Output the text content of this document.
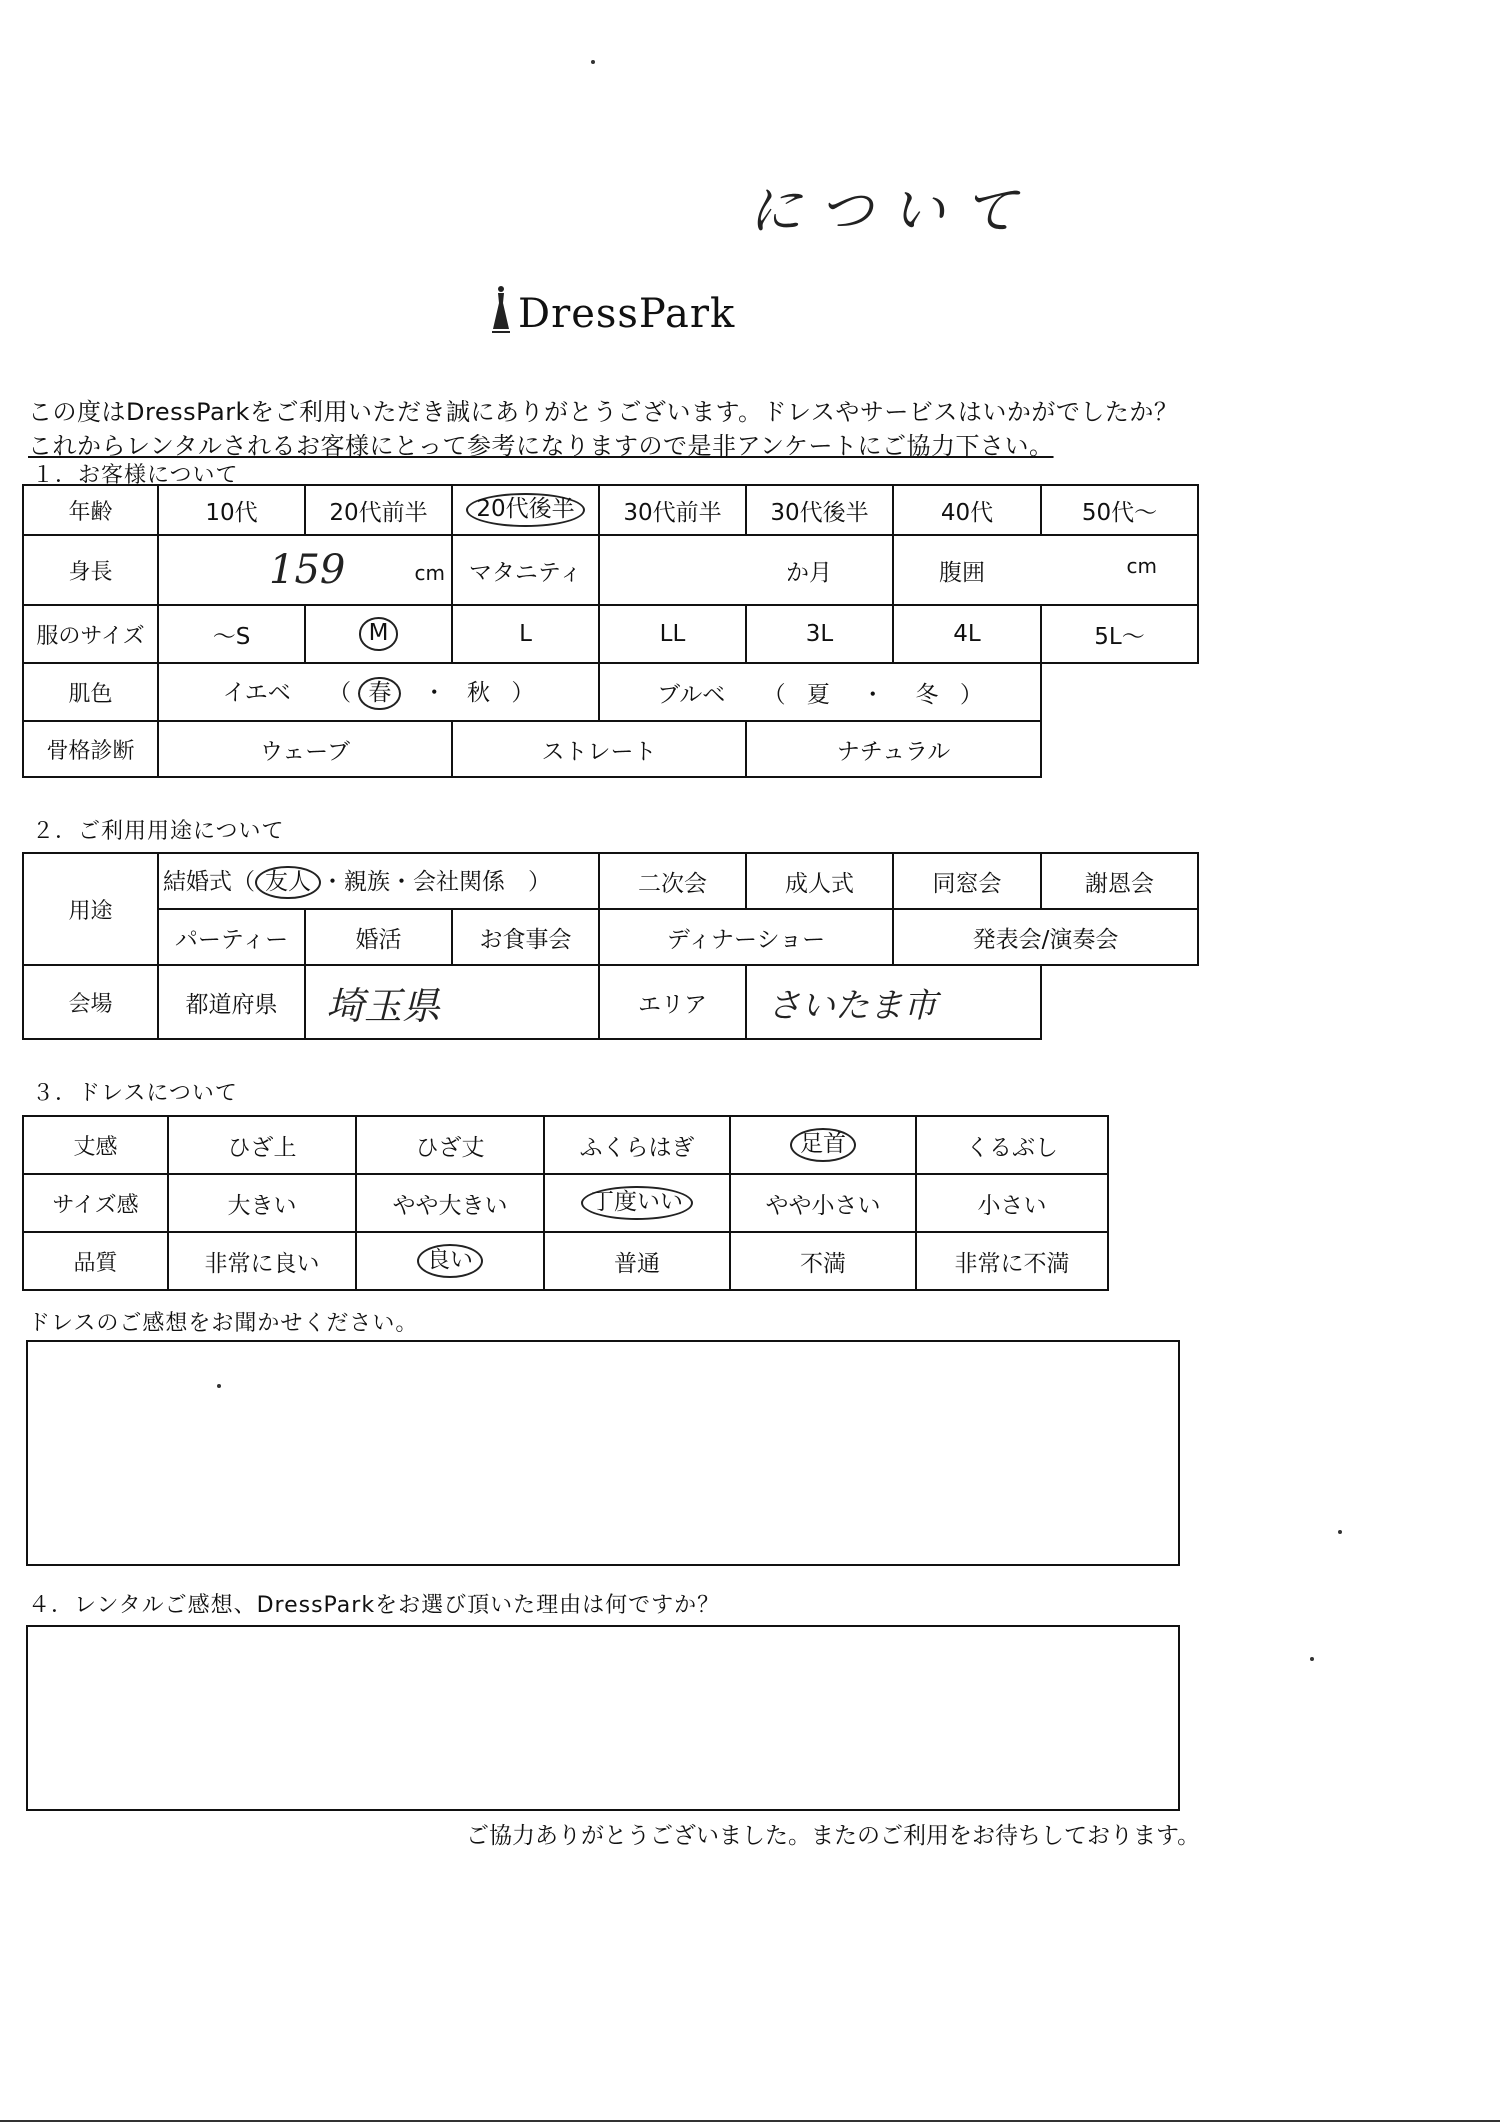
について
DressPark
この度はDressParkをご利用いただき誠にありがとうございます。ドレスやサービスはいかがでしたか？
これからレンタルされるお客様にとって参考になりますので是非アンケートにご協力下さい。
１．お客様について
年齢	10代	20代前半	20代後半	30代前半	30代後半	40代	50代～
身長	159 cm		マタニティ	か月		腹囲 cm	

服のサイズ	～S	M	L	LL	3L	4L	5L～
肌色	イエベ （ 春 ・ 秋 ）			ブルベ （ 夏 ・ 冬 ）			
骨格診断	ウェーブ		ストレート		ナチュラル		
２．ご利用用途について
用途	結婚式（ 友人 ・親族・会社関係　）			二次会	成人式	同窓会	謝恩会
	パーティー	婚活	お食事会	ディナーショー		発表会/演奏会	
会場	都道府県	埼玉県		エリア	さいたま市		
３．ドレスについて
丈感	ひざ上	ひざ丈	ふくらはぎ	足首	くるぶし
サイズ感	大きい	やや大きい	丁度いい	やや小さい	小さい
品質	非常に良い	良い	普通	不満	非常に不満
ドレスのご感想をお聞かせください。
４．レンタルご感想、DressParkをお選び頂いた理由は何ですか？
ご協力ありがとうございました。またのご利用をお待ちしております。
